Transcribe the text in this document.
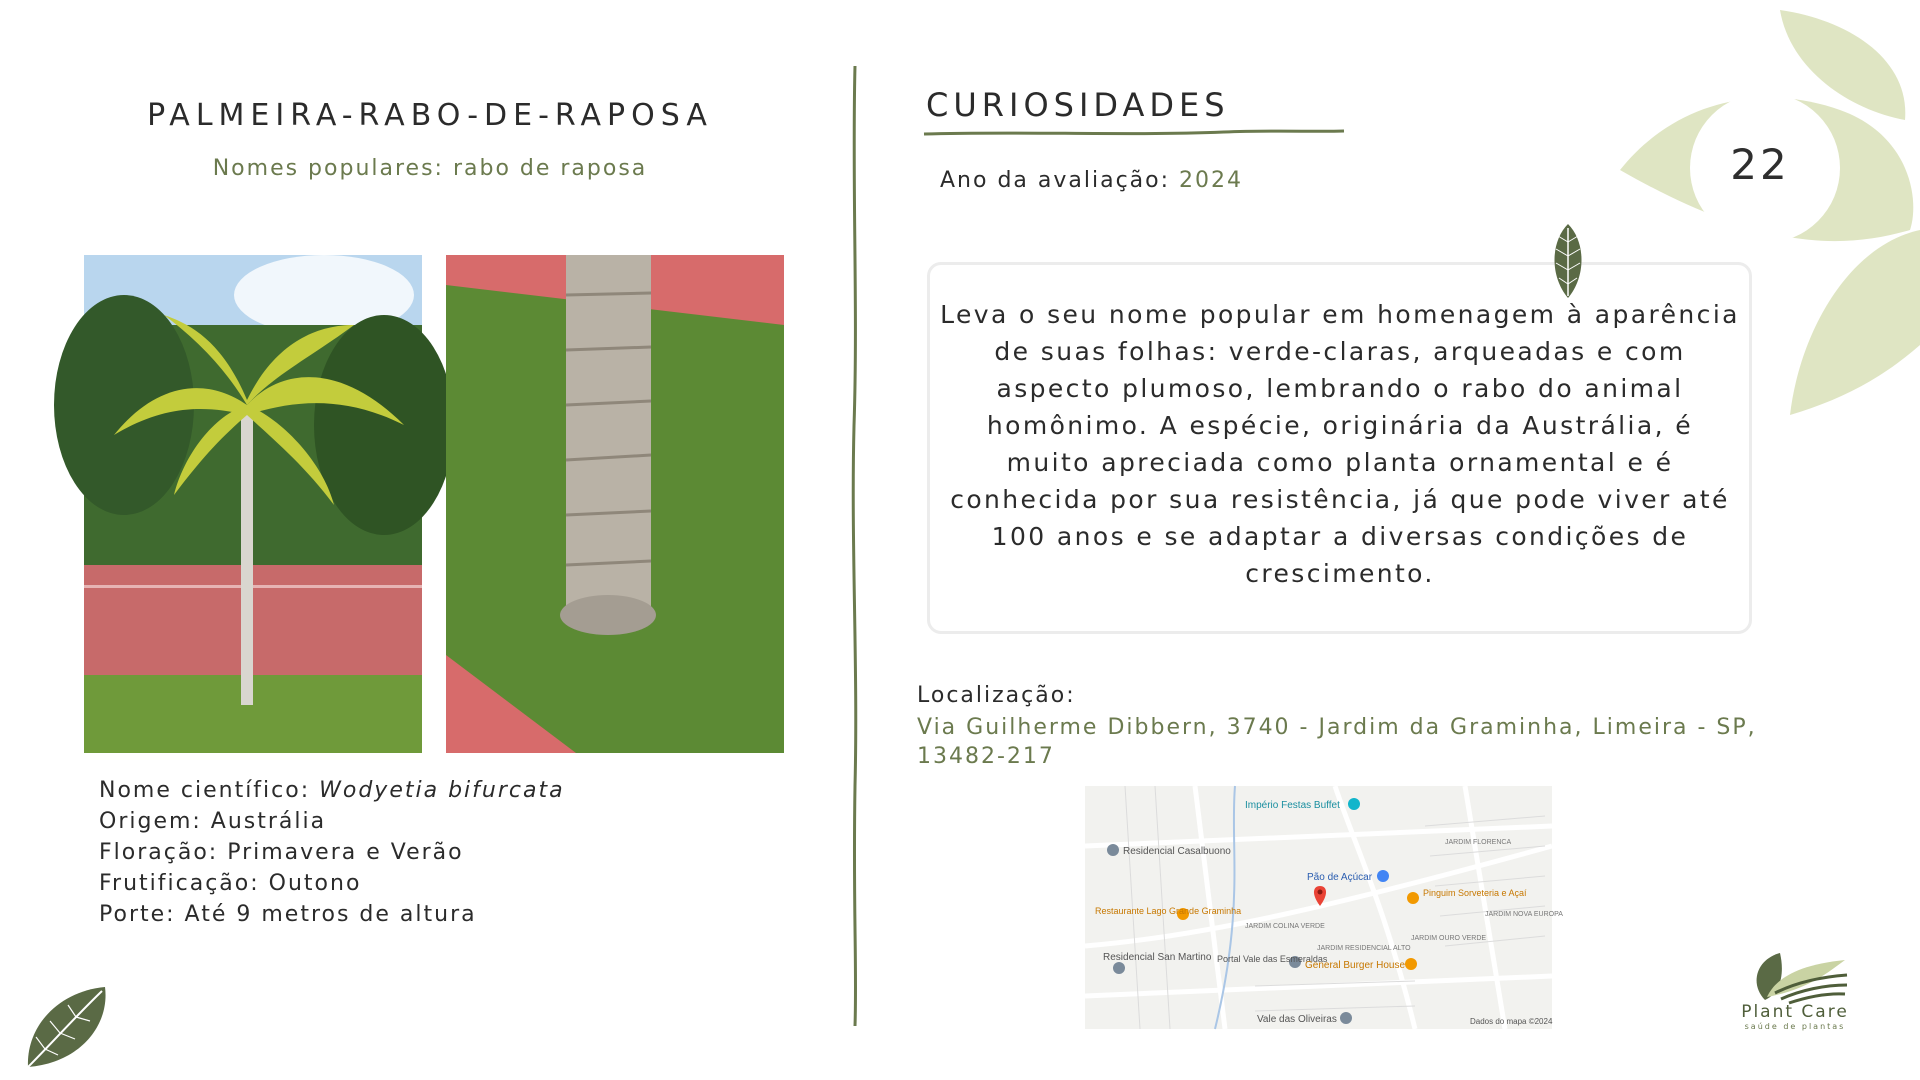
22
PALMEIRA-RABO-DE-RAPOSA
Nomes populares: rabo de raposa
Nome científico: Wodyetia bifurcata
Origem: Austrália
Floração: Primavera e Verão
Frutificação: Outono
Porte: Até 9 metros de altura
CURIOSIDADES
Ano da avaliação: 2024
Leva o seu nome popular em homenagem à aparência de suas folhas: verde-claras, arqueadas e com aspecto plumoso, lembrando o rabo do animal homônimo. A espécie, originária da Austrália, é muito apreciada como planta ornamental e é conhecida por sua resistência, já que pode viver até 100 anos e se adaptar a diversas condições de crescimento.
Localização:
Via Guilherme Dibbern, 3740 - Jardim da Graminha, Limeira - SP, 13482-217
Império Festas Buffet
Residencial Casalbuono
Pão de Açúcar
Pinguim Sorveteria e Açaí
Restaurante Lago Grande Graminha
Residencial San Martino Portal Vale das Esmeraldas
General Burger House
Vale das Oliveiras
JARDIM FLORENCA
JARDIM NOVA EUROPA
JARDIM COLINA VERDE
JARDIM RESIDENCIAL ALTO
JARDIM OURO VERDE
Dados do mapa ©2024	Plant Care
saúde de plantas
